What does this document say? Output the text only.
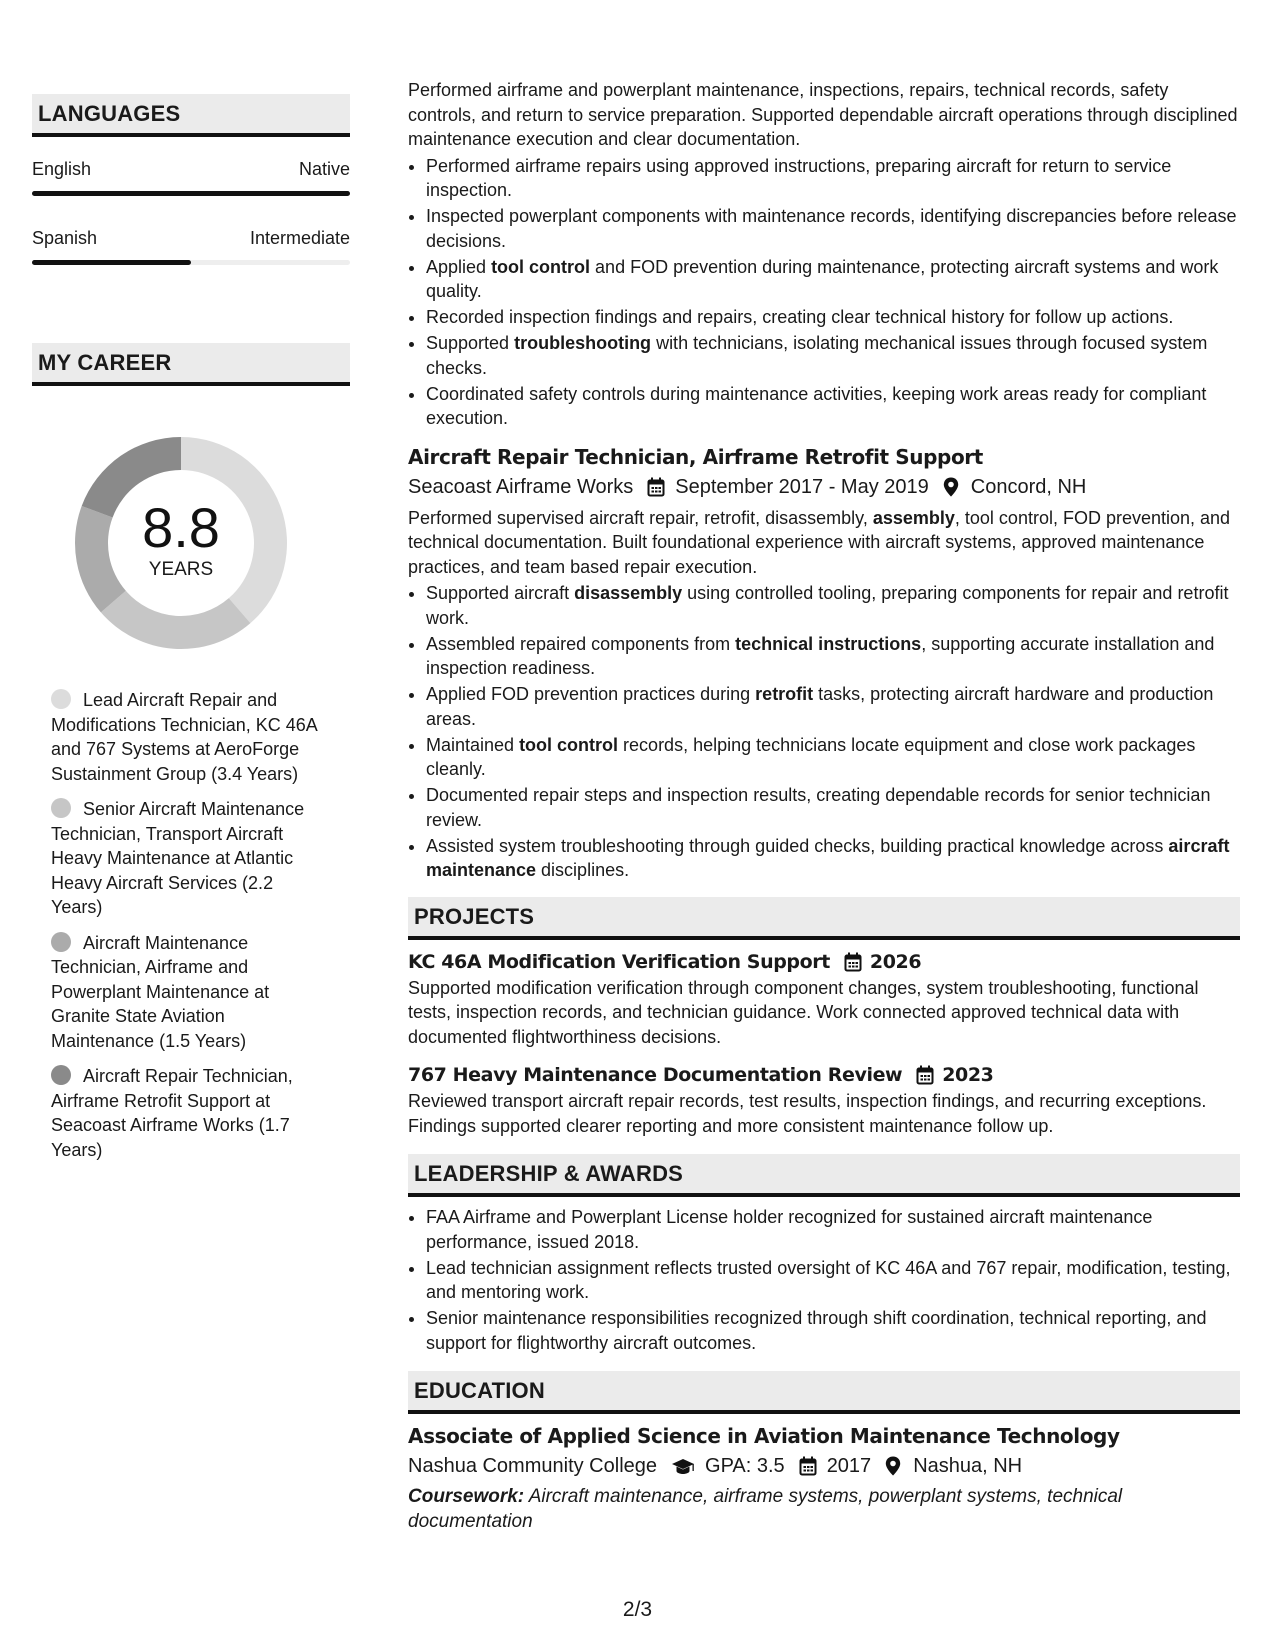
LANGUAGES
English	Native
Spanish	Intermediate
MY CAREER
8.8
YEARS
Lead Aircraft Repair and Modifications Technician, KC 46A and 767 Systems at AeroForge Sustainment Group (3.4 Years)
Senior Aircraft Maintenance Technician, Transport Aircraft Heavy Maintenance at Atlantic Heavy Aircraft Services (2.2 Years)
Aircraft Maintenance Technician, Airframe and Powerplant Maintenance at Granite State Aviation Maintenance (1.5 Years)
Aircraft Repair Technician, Airframe Retrofit Support at Seacoast Airframe Works (1.7 Years)

Performed airframe and powerplant maintenance, inspections, repairs, technical records, safety controls, and return to service preparation. Supported dependable aircraft operations through disciplined maintenance execution and clear documentation.

• Performed airframe repairs using approved instructions, preparing aircraft for return to service inspection.
• Inspected powerplant components with maintenance records, identifying discrepancies before release decisions.
• Applied tool control and FOD prevention during maintenance, protecting aircraft systems and work quality.
• Recorded inspection findings and repairs, creating clear technical history for follow up actions.
• Supported troubleshooting with technicians, isolating mechanical issues through focused system checks.
• Coordinated safety controls during maintenance activities, keeping work areas ready for compliant execution.
Aircraft Repair Technician, Airframe Retrofit Support
Seacoast Airframe Works September 2017 - May 2019 Concord, NH

Performed supervised aircraft repair, retrofit, disassembly, assembly, tool control, FOD prevention, and technical documentation. Built foundational experience with aircraft systems, approved maintenance practices, and team based repair execution.

• Supported aircraft disassembly using controlled tooling, preparing components for repair and retrofit work.
• Assembled repaired components from technical instructions, supporting accurate installation and inspection readiness.
• Applied FOD prevention practices during retrofit tasks, protecting aircraft hardware and production areas.
• Maintained tool control records, helping technicians locate equipment and close work packages cleanly.
• Documented repair steps and inspection results, creating dependable records for senior technician review.
• Assisted system troubleshooting through guided checks, building practical knowledge across aircraft maintenance disciplines.
PROJECTS
KC 46A Modification Verification Support 2026

Supported modification verification through component changes, system troubleshooting, functional tests, inspection records, and technician guidance. Work connected approved technical data with documented flightworthiness decisions.

767 Heavy Maintenance Documentation Review 2023

Reviewed transport aircraft repair records, test results, inspection findings, and recurring exceptions. Findings supported clearer reporting and more consistent maintenance follow up.

LEADERSHIP & AWARDS
• FAA Airframe and Powerplant License holder recognized for sustained aircraft maintenance performance, issued 2018.
• Lead technician assignment reflects trusted oversight of KC 46A and 767 repair, modification, testing, and mentoring work.
• Senior maintenance responsibilities recognized through shift coordination, technical reporting, and support for flightworthy aircraft outcomes.
EDUCATION
Associate of Applied Science in Aviation Maintenance Technology
Nashua Community College GPA: 3.5 2017 Nashua, NH
Coursework: Aircraft maintenance, airframe systems, powerplant systems, technical documentation
2/3
